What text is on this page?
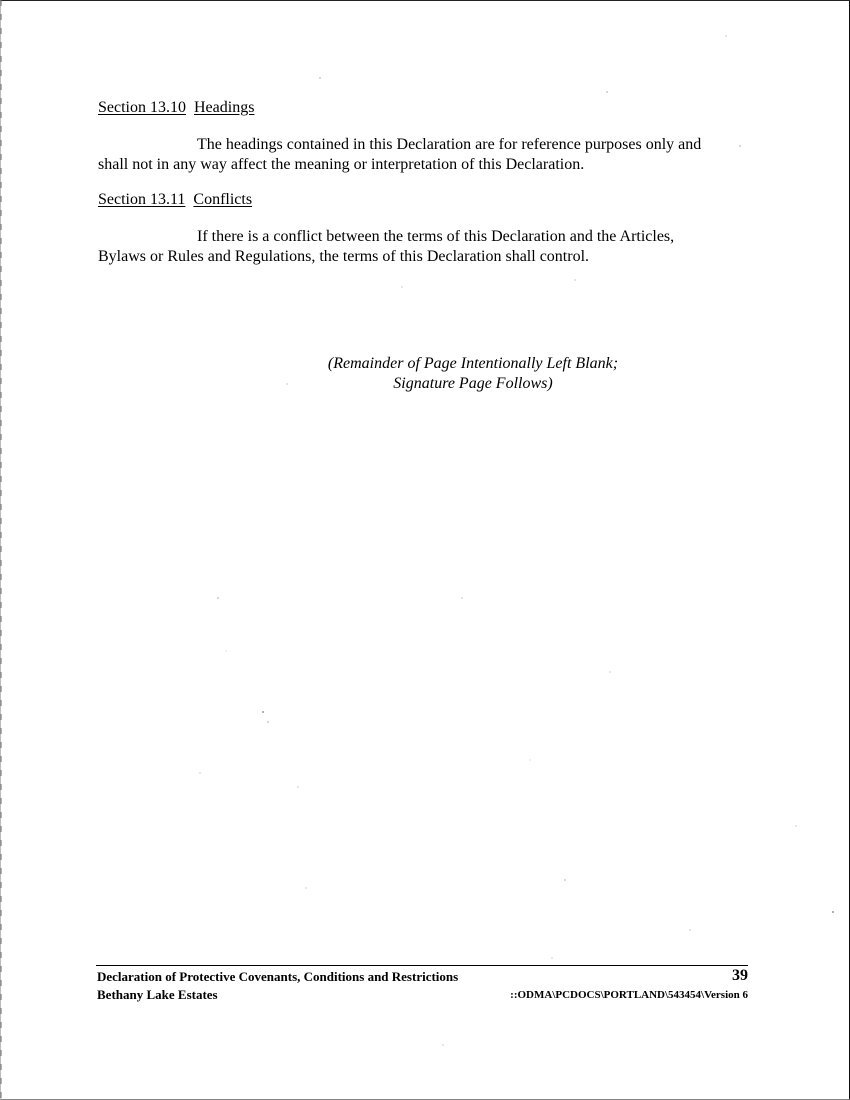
Section 13.10 Headings
The headings contained in this Declaration are for reference purposes only and
shall not in any way affect the meaning or interpretation of this Declaration.
Section 13.11 Conflicts
If there is a conflict between the terms of this Declaration and the Articles,
Bylaws or Rules and Regulations, the terms of this Declaration shall control.
(Remainder of Page Intentionally Left Blank;
Signature Page Follows)
Declaration of Protective Covenants, Conditions and Restrictions
Bethany Lake Estates
39
::ODMA\PCDOCS\PORTLAND\543454\Version 6
